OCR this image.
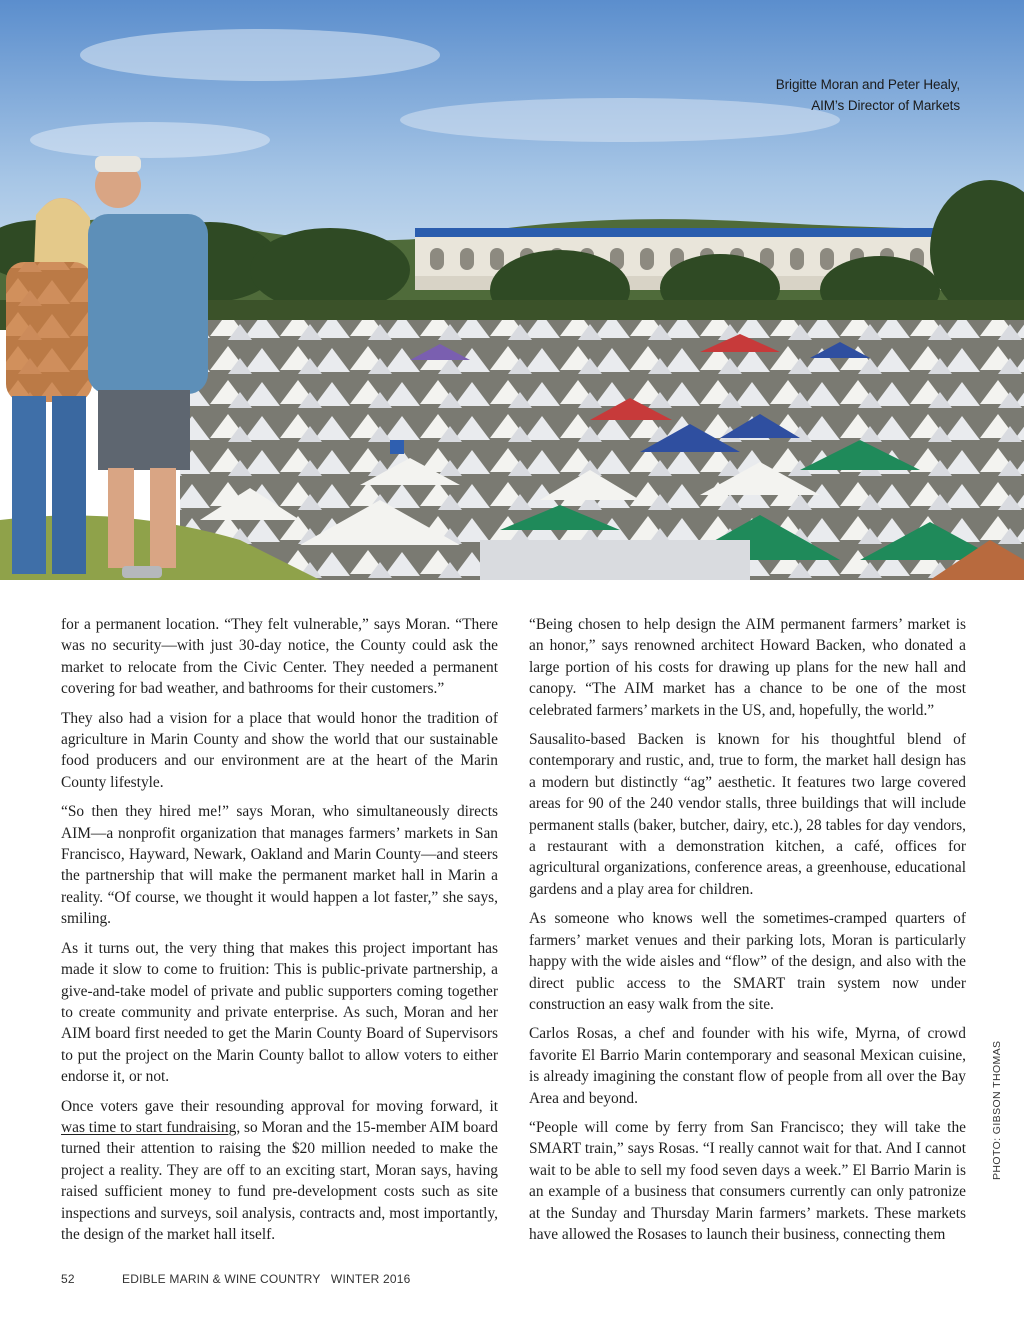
Brigitte Moran and Peter Healy,
AIM’s Director of Markets

for a permanent location. “They felt vulnerable,” says Moran. “There was no security—with just 30-day notice, the County could ask the market to relocate from the Civic Center. They needed a permanent covering for bad weather, and bathrooms for their customers.”

They also had a vision for a place that would honor the tradition of agriculture in Marin County and show the world that our sustainable food producers and our environment are at the heart of the Marin County lifestyle.

“So then they hired me!” says Moran, who simultaneously directs AIM—a nonprofit organization that manages farmers’ markets in San Francisco, Hayward, Newark, Oakland and Marin County—and steers the partnership that will make the permanent market hall in Marin a reality. “Of course, we thought it would happen a lot faster,” she says, smiling.

As it turns out, the very thing that makes this project important has made it slow to come to fruition: This is public-private partnership, a give-and-take model of private and public supporters coming together to create community and private enterprise. As such, Moran and her AIM board first needed to get the Marin County Board of Supervisors to put the project on the Marin County ballot to allow voters to either endorse it, or not.

Once voters gave their resounding approval for moving forward, it was time to start fundraising, so Moran and the 15-member AIM board turned their attention to raising the $20 million needed to make the project a reality. They are off to an exciting start, Moran says, having raised sufficient money to fund pre-development costs such as site inspections and surveys, soil analysis, contracts and, most importantly, the design of the market hall itself.

“Being chosen to help design the AIM permanent farmers’ market is an honor,” says renowned architect Howard Backen, who donated a large portion of his costs for drawing up plans for the new hall and canopy. “The AIM market has a chance to be one of the most celebrated farmers’ markets in the US, and, hopefully, the world.”

Sausalito-based Backen is known for his thoughtful blend of contemporary and rustic, and, true to form, the market hall design has a modern but distinctly “ag” aesthetic. It features two large covered areas for 90 of the 240 vendor stalls, three buildings that will include permanent stalls (baker, butcher, dairy, etc.), 28 tables for day vendors, a restaurant with a demonstration kitchen, a café, offices for agricultural organizations, conference areas, a greenhouse, educational gardens and a play area for children.

As someone who knows well the sometimes-cramped quarters of farmers’ market venues and their parking lots, Moran is particularly happy with the wide aisles and “flow” of the design, and also with the direct public access to the SMART train system now under construction an easy walk from the site.

Carlos Rosas, a chef and founder with his wife, Myrna, of crowd favorite El Barrio Marin contemporary and seasonal Mexican cuisine, is already imagining the constant flow of people from all over the Bay Area and beyond.

“People will come by ferry from San Francisco; they will take the SMART train,” says Rosas. “I really cannot wait for that. And I cannot wait to be able to sell my food seven days a week.” El Barrio Marin is an example of a business that consumers currently can only patronize at the Sunday and Thursday Marin farmers’ markets. These markets have allowed the Rosases to launch their business, connecting them

PHOTO: GIBSON THOMAS
52	EDIBLE MARIN & WINE COUNTRY   WINTER 2016
